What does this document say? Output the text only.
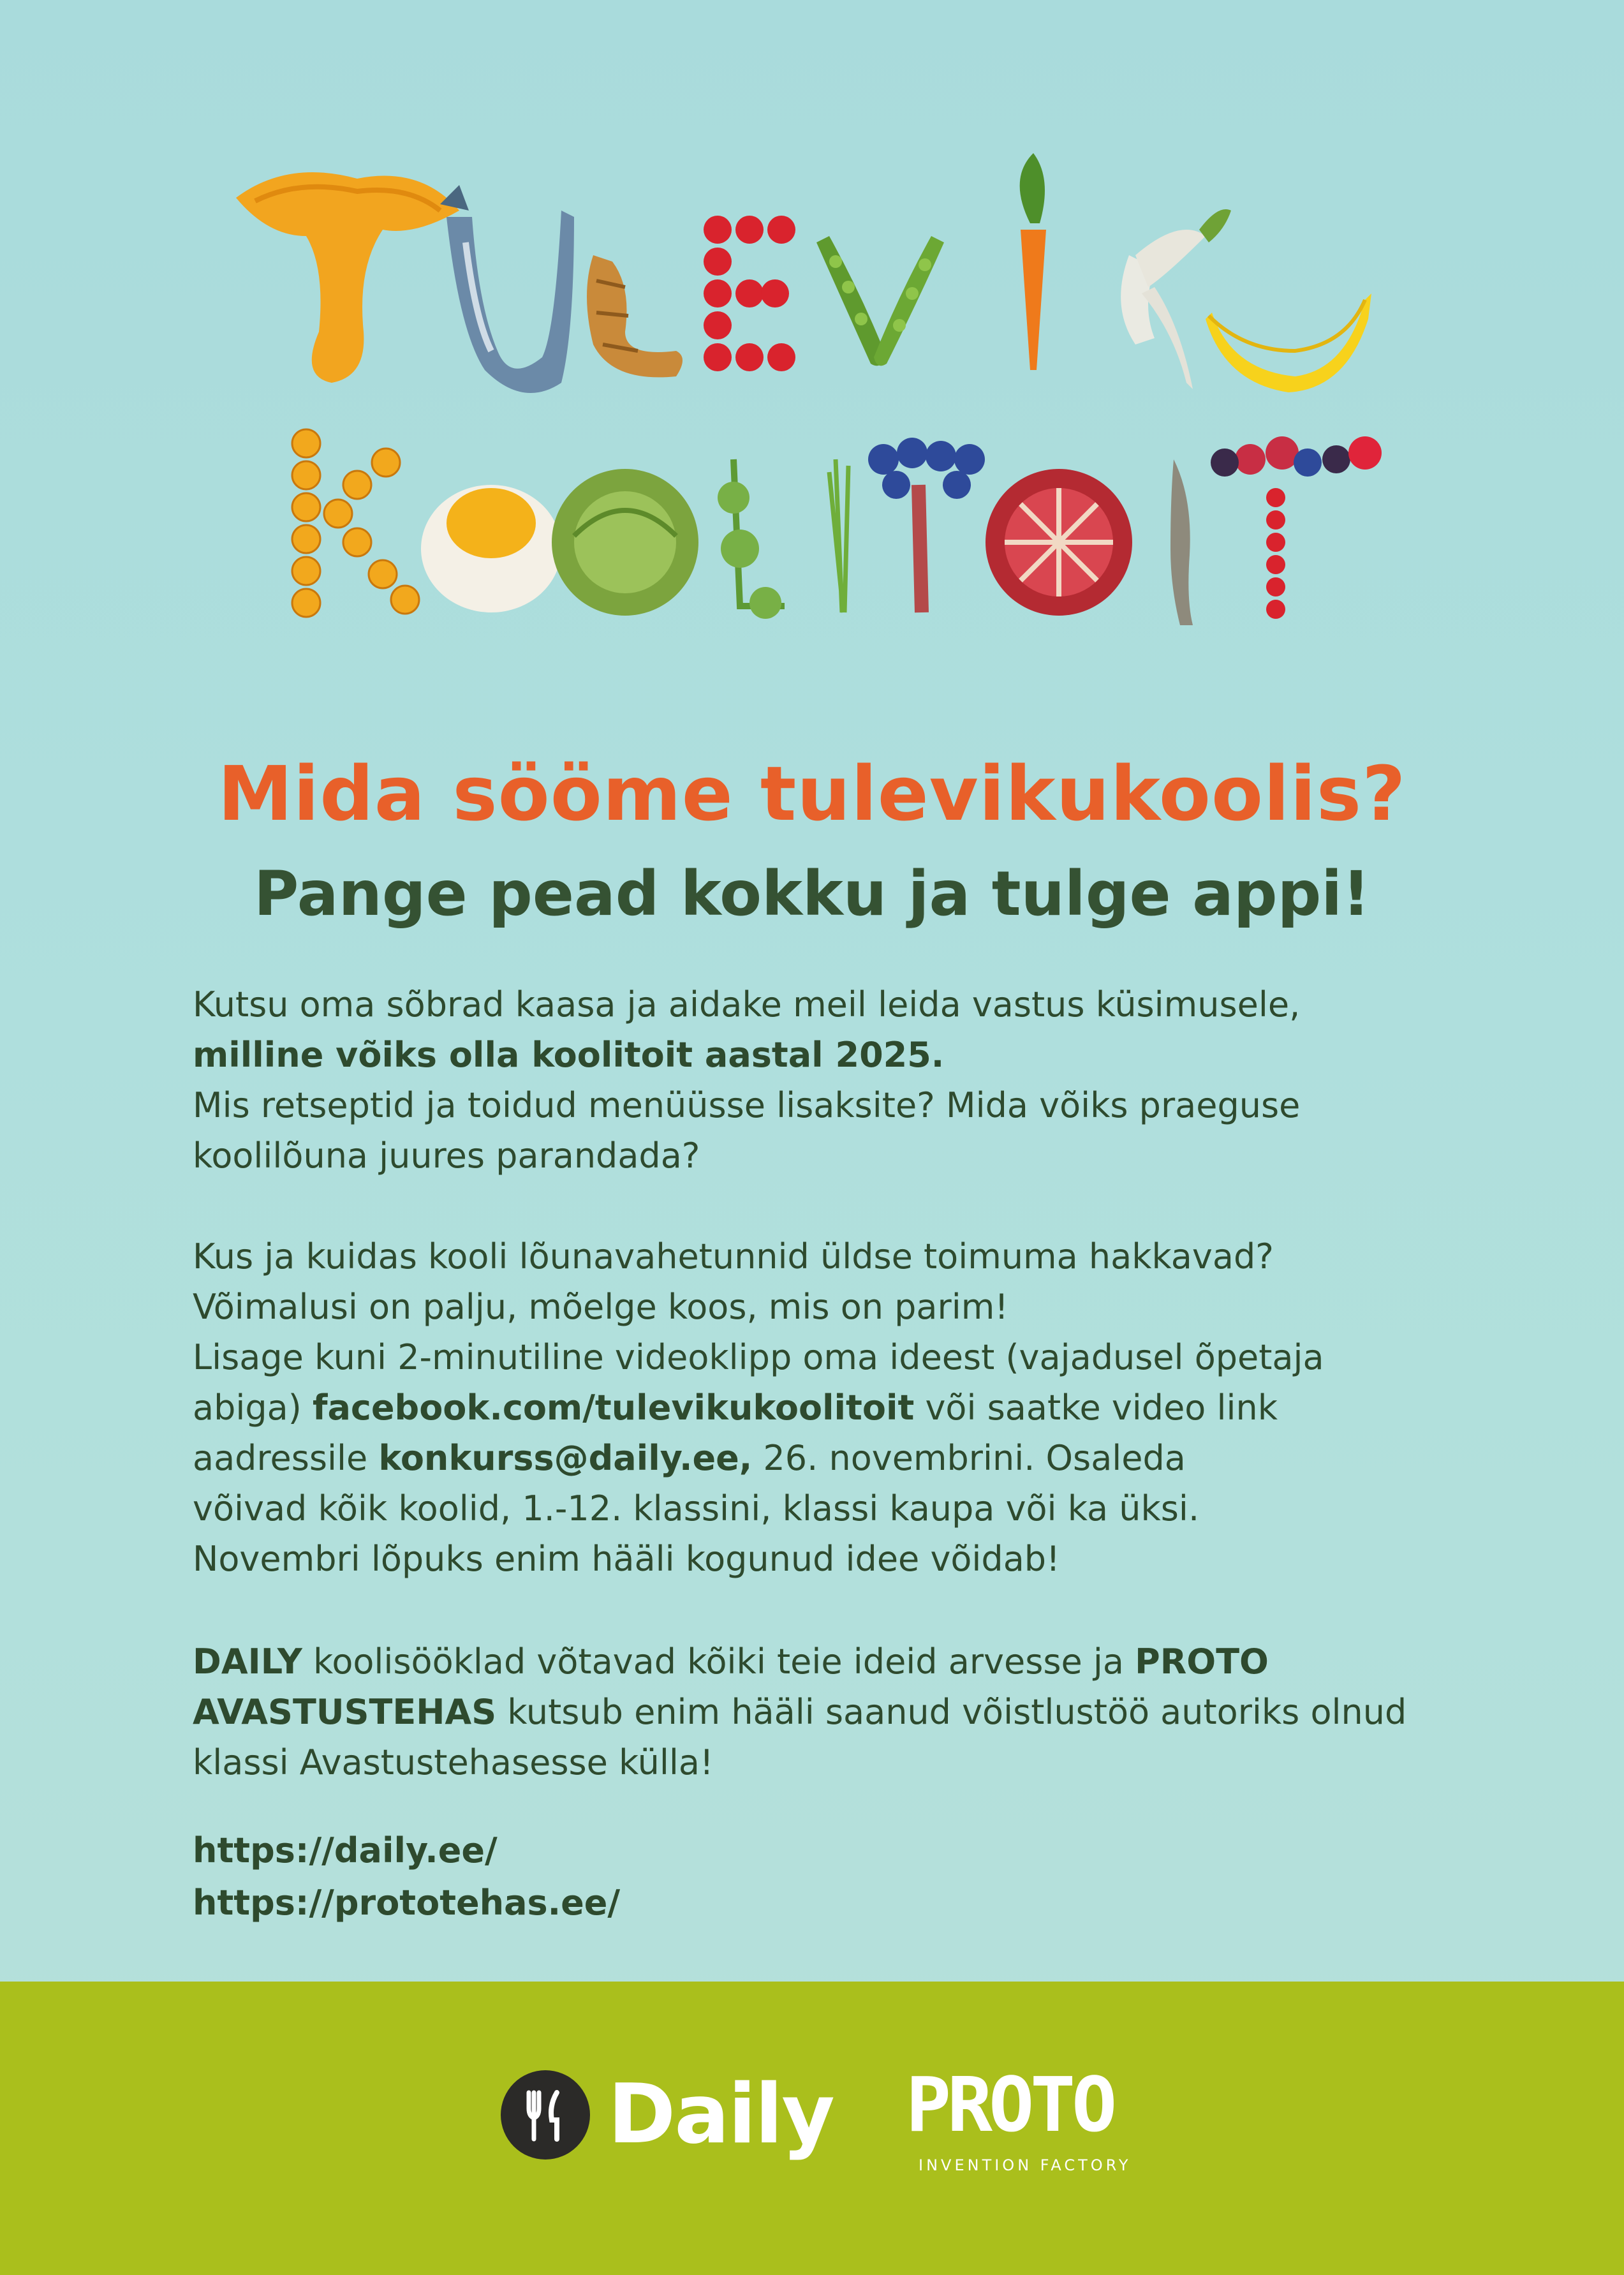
Mida sööme tulevikukoolis?
Pange pead kokku ja tulge appi!

Kutsu oma sõbrad kaasa ja aidake meil leida vastus küsimusele,

milline võiks olla koolitoit aastal 2025.

Mis retseptid ja toidud menüüsse lisaksite? Mida võiks praeguse

koolilõuna juures parandada?

Kus ja kuidas kooli lõunavahetunnid üldse toimuma hakkavad?

Võimalusi on palju, mõelge koos, mis on parim!

Lisage kuni 2-minutiline videoklipp oma ideest (vajadusel õpetaja

abiga) facebook.com/tulevikukoolitoit või saatke video link

aadressile konkurss@daily.ee, 26. novembrini. Osaleda

võivad kõik koolid, 1.-12. klassini, klassi kaupa või ka üksi.

Novembri lõpuks enim hääli kogunud idee võidab!

DAILY koolisööklad võtavad kõiki teie ideid arvesse ja PROTO

AVASTUSTEHAS kutsub enim hääli saanud võistlustöö autoriks olnud

klassi Avastustehasesse külla!

https://daily.ee/

https://prototehas.ee/

Daily PROTO
INVENTION FACTORY
